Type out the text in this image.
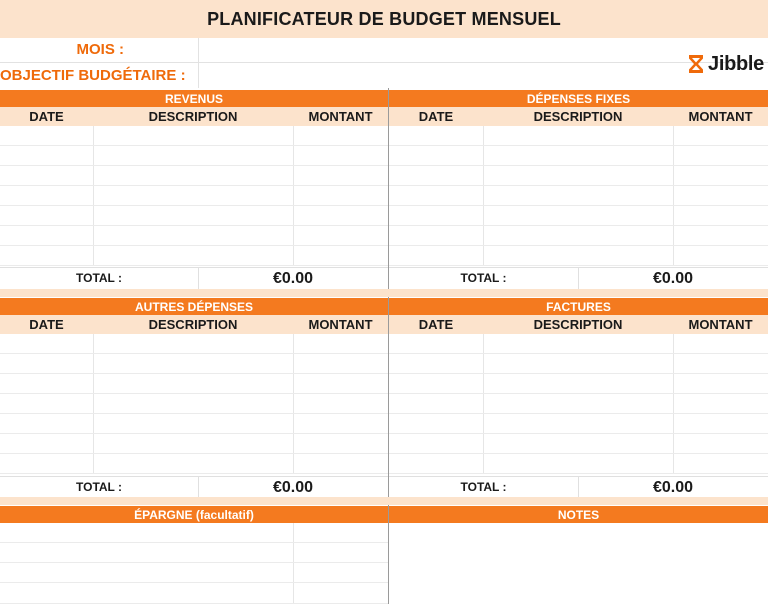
PLANIFICATEUR DE BUDGET MENSUEL
MOIS :
OBJECTIF BUDGÉTAIRE :
Jibble
REVENUS
DATE	DESCRIPTION	MONTANT
TOTAL :	€0.00
DÉPENSES FIXES
DATE	DESCRIPTION	MONTANT
TOTAL :	€0.00
AUTRES DÉPENSES
DATE	DESCRIPTION	MONTANT
TOTAL :	€0.00
FACTURES
DATE	DESCRIPTION	MONTANT
TOTAL :	€0.00
ÉPARGNE (facultatif)	NOTES
